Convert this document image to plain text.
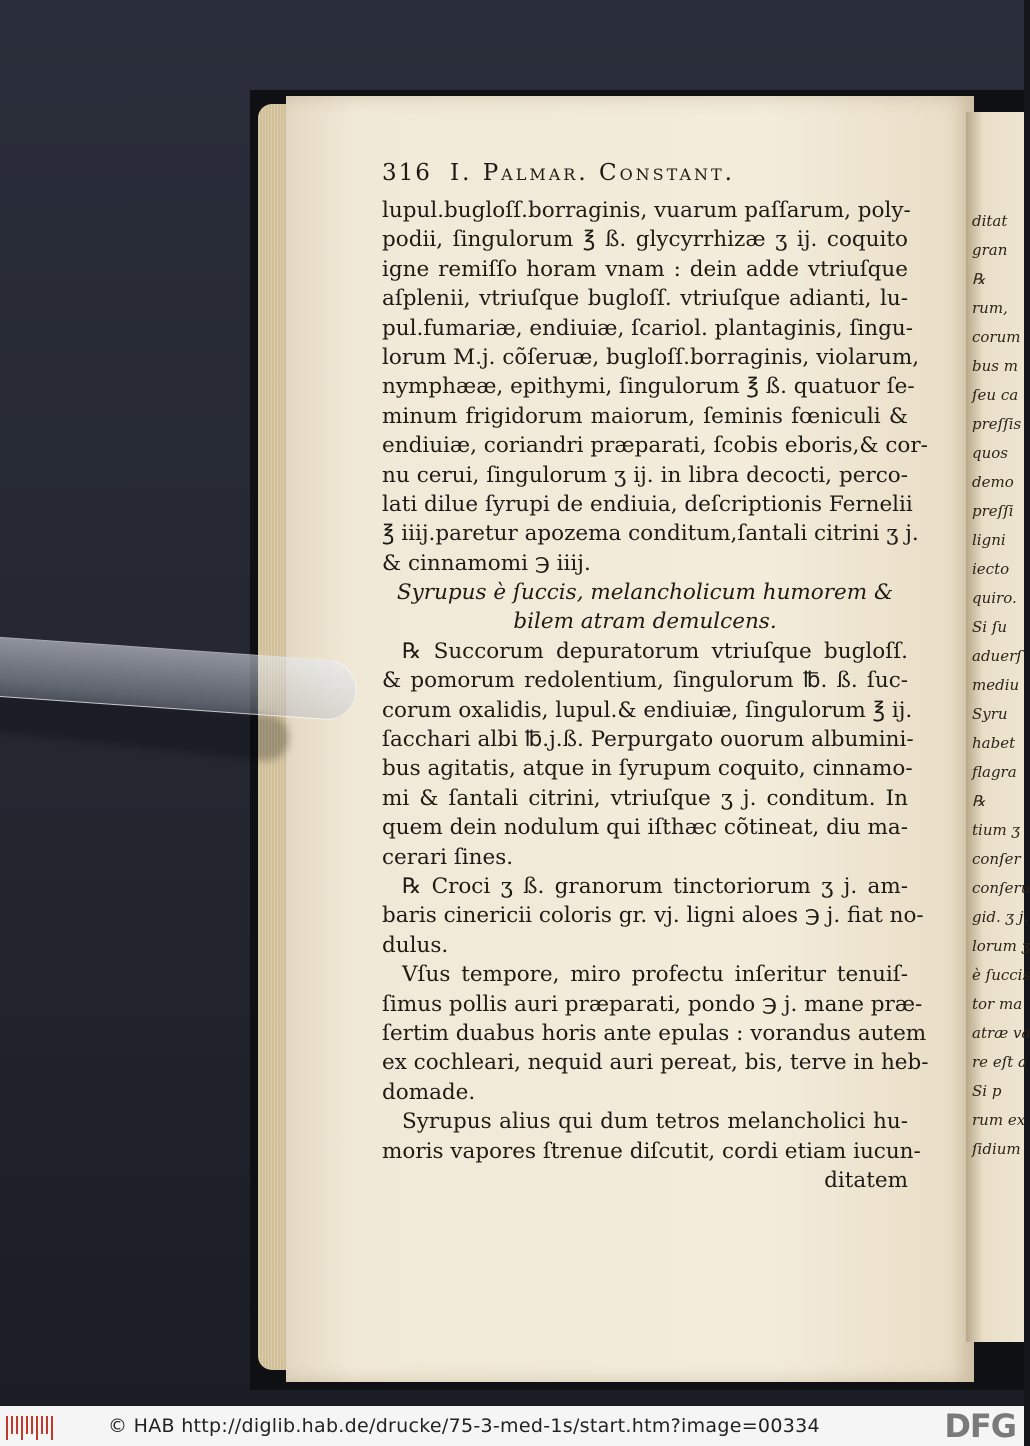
ditat
gran
℞
rum,
corum
bus m
ſeu ca
preſſis
quos
demo
preſſi
ligni
iecto
quiro.
Si ſu
aduerſ
mediu
Syru
habet
flagra
℞
tium ʒ
conſer
conſeru
gid. ʒ j.
lorum ʒ
è ſuccis
tor ma
atræ va
re eſt a
Si p
rum ex
ſidium
316 I. Palmar. Constant.
lupul.bugloſſ.borraginis, vuarum paſſarum, poly-
podii, ſingulorum ℥ ß. glycyrrhizæ ʒ ij. coquito
igne remiſſo horam vnam : dein adde vtriuſque
aſplenii, vtriuſque bugloſſ. vtriuſque adianti, lu-
pul.fumariæ, endiuiæ, ſcariol. plantaginis, ſingu-
lorum M.j. cõſeruæ, bugloſſ.borraginis, violarum,
nymphææ, epithymi, ſingulorum ℥ ß. quatuor ſe-
minum frigidorum maiorum, ſeminis fœniculi &
endiuiæ, coriandri præparati, ſcobis eboris,& cor-
nu cerui, ſingulorum ʒ ij. in libra decocti, perco-
lati dilue ſyrupi de endiuia, deſcriptionis Fernelii
℥ iiij.paretur apozema conditum,ſantali citrini ʒ j.
& cinnamomi ℈ iiij.
Syrupus è ſuccis, melancholicum humorem &
bilem atram demulcens.
℞ Succorum depuratorum vtriuſque bugloſſ.
& pomorum redolentium, ſingulorum ℔. ß. ſuc-
corum oxalidis, lupul.& endiuiæ, ſingulorum ℥ ij.
ſacchari albi ℔.j.ß. Perpurgato ouorum albumini-
bus agitatis, atque in ſyrupum coquito, cinnamo-
mi & ſantali citrini, vtriuſque ʒ j. conditum. In
quem dein nodulum qui iſthæc cõtineat, diu ma-
cerari ſines.
℞ Croci ʒ ß. granorum tinctoriorum ʒ j. am-
baris cinericii coloris gr. vj. ligni aloes ℈ j. fiat no-
dulus.
Vſus tempore, miro profectu inſeritur tenuiſ-
ſimus pollis auri præparati, pondo ℈ j. mane præ-
ſertim duabus horis ante epulas : vorandus autem
ex cochleari, nequid auri pereat, bis, terve in heb-
domade.
Syrupus alius qui dum tetros melancholici hu-
moris vapores ſtrenue diſcutit, cordi etiam iucun-
ditatem
© HAB http://diglib.hab.de/drucke/75-3-med-1s/start.htm?image=00334	DFG
